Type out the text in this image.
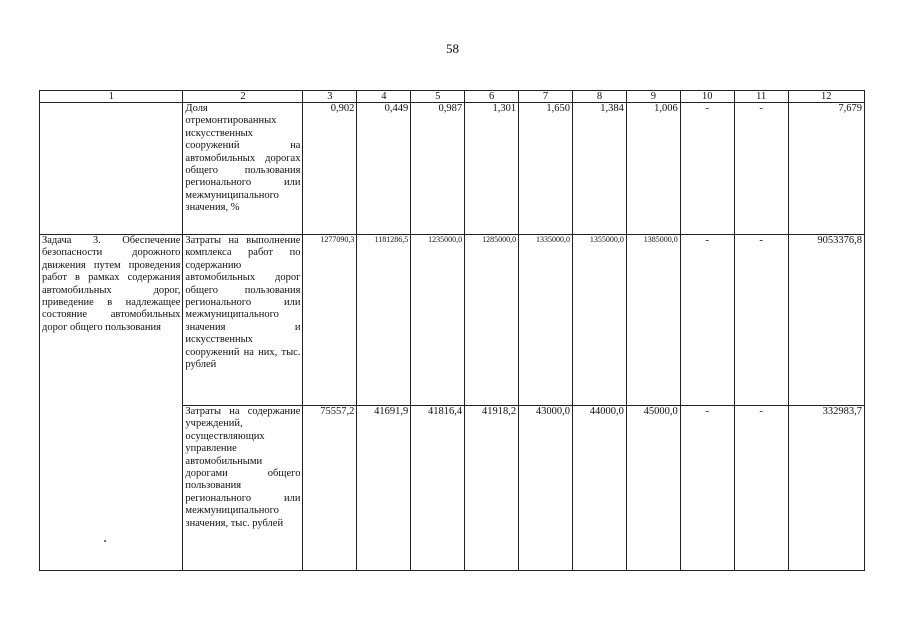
58
1	2	3	4	5	6	7	8	9	10	11	12
	Доля отремонтированных искусственных сооружений на автомобильных дорогах общего пользования регионального или межмуниципального значения, %	0,902	0,449	0,987	1,301	1,650	1,384	1,006	-	-	7,679
Задача 3. Обеспечение безопасности дорожного движения путем проведения работ в рамках содержания автомобильных дорог, приведение в надлежащее состояние автомобильных дорог общего пользования	Затраты на выполнение комплекса работ по содержанию автомобильных дорог общего пользования регионального или межмуниципального значения и искусственных сооружений на них, тыс. рублей	1277090,3	1181286,5	1235000,0	1285000,0	1335000,0	1355000,0	1385000,0	-	-	9053376,8
	Затраты на содержание учреждений, осуществляющих управление автомобильными дорогами общего пользования регионального или межмуниципального значения, тыс. рублей	75557,2	41691,9	41816,4	41918,2	43000,0	44000,0	45000,0	-	-	332983,7
